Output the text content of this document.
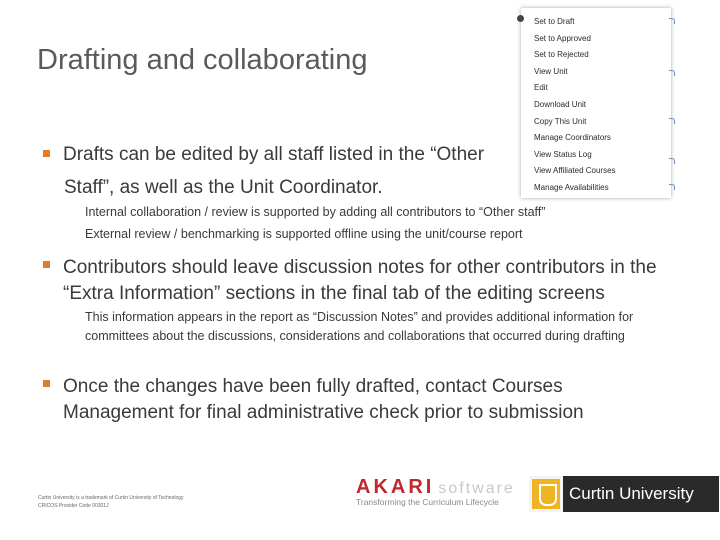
Drafting and collaborating
Set to Draft
Set to Approved
Set to Rejected
View Unit
Edit
Download Unit
Copy This Unit
Manage Coordinators
View Status Log
View Affiliated Courses
Manage Availabilities
Drafts can be edited by all staff listed in the “Other
Staff”, as well as the Unit Coordinator.
Internal collaboration / review is supported by adding all contributors to “Other staff”
External review / benchmarking is supported offline using the unit/course report
Contributors should leave discussion notes for other contributors in the “Extra Information” sections in the final tab of the editing screens
This information appears in the report as “Discussion Notes” and provides additional information for committees about the discussions, considerations and collaborations that occurred during drafting
Once the changes have been fully drafted, contact Courses Management for final administrative check prior to submission
Curtin University is a trademark of Curtin University of Technology
CRICOS Provider Code 00301J
AKARI software
Transforming the Curriculum Lifecycle	Curtin University
